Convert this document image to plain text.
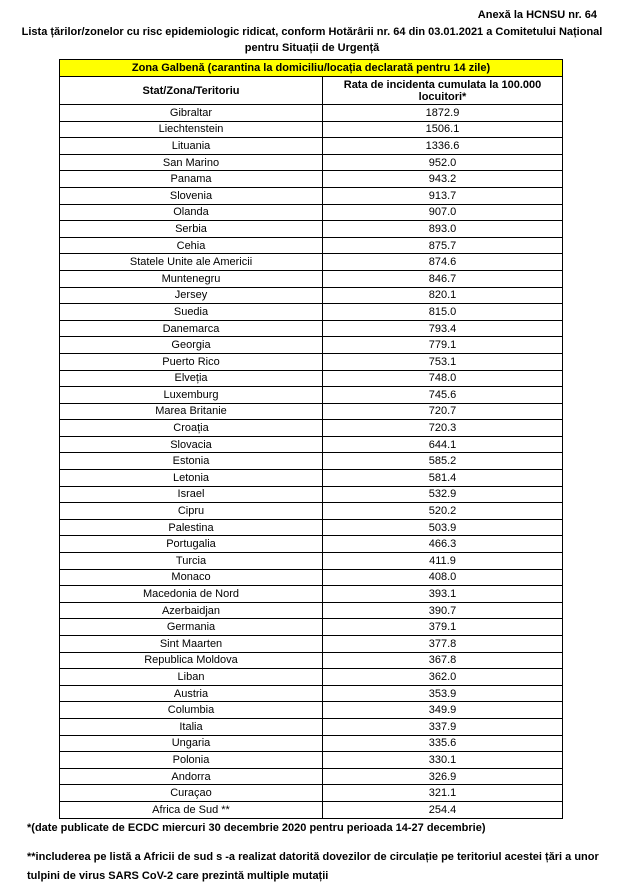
Anexă la HCNSU nr. 64
Lista țărilor/zonelor cu risc epidemiologic ridicat, conform Hotărârii nr. 64 din 03.01.2021 a Comitetului Național
pentru Situații de Urgență
Zona Galbenă (carantina la domiciliu/locația declarată pentru 14 zile)	
Stat/Zona/Teritoriu	Rata de incidenta cumulata la 100.000 locuitori*
Gibraltar	1872.9
Liechtenstein	1506.1
Lituania	1336.6
San Marino	952.0
Panama	943.2
Slovenia	913.7
Olanda	907.0
Serbia	893.0
Cehia	875.7
Statele Unite ale Americii	874.6
Muntenegru	846.7
Jersey	820.1
Suedia	815.0
Danemarca	793.4
Georgia	779.1
Puerto Rico	753.1
Elveția	748.0
Luxemburg	745.6
Marea Britanie	720.7
Croația	720.3
Slovacia	644.1
Estonia	585.2
Letonia	581.4
Israel	532.9
Cipru	520.2
Palestina	503.9
Portugalia	466.3
Turcia	411.9
Monaco	408.0
Macedonia de Nord	393.1
Azerbaidjan	390.7
Germania	379.1
Sint Maarten	377.8
Republica Moldova	367.8
Liban	362.0
Austria	353.9
Columbia	349.9
Italia	337.9
Ungaria	335.6
Polonia	330.1
Andorra	326.9
Curaçao	321.1
Africa de Sud **	254.4
*(date publicate de ECDC miercuri 30 decembrie 2020 pentru perioada 14-27 decembrie)
**includerea pe listă a Africii de sud s -a realizat datorită dovezilor de circulație pe teritoriul acestei țări a unor tulpini de virus SARS CoV-2 care prezintă multiple mutații
